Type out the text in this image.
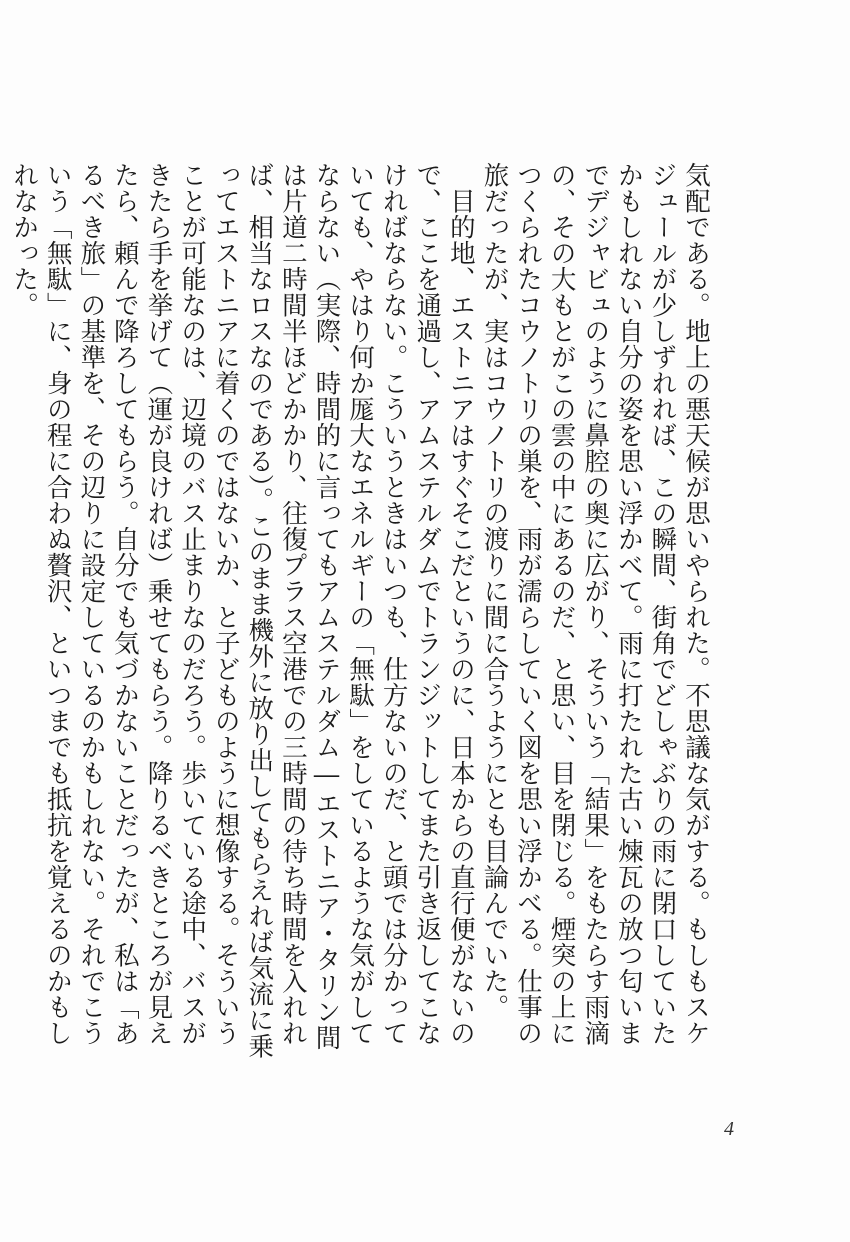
気配である。地上の悪天候が思いやられた。不思議な気がする。もしもスケジュールが少しずれれば、この瞬間、街角でどしゃぶりの雨に閉口していたかもしれない自分の姿を思い浮かべて。雨に打たれた古い煉瓦の放つ匂いまでデジャビュのように鼻腔の奥に広がり、そういう「結果」をもたらす雨滴の、その大もとがこの雲の中にあるのだ、と思い、目を閉じる。煙突の上につくられたコウノトリの巣を、雨が濡らしていく図を思い浮かべる。仕事の旅だったが、実はコウノトリの渡りに間に合うようにとも目論んでいた。

目的地、エストニアはすぐそこだというのに、日本からの直行便がないので、ここを通過し、アムステルダムでトランジットしてまた引き返してこなければならない。こういうときはいつも、仕方ないのだ、と頭では分かっていても、やはり何か厖大なエネルギーの「無駄」をしているような気がしてならない（実際、時間的に言ってもアムステルダム―エストニア・タリン間は片道二時間半ほどかかり、往復プラス空港での三時間の待ち時間を入れれば、相当なロスなのである）。このまま機外に放り出してもらえれば気流に乗ってエストニアに着くのではないか、と子どものように想像する。そういうことが可能なのは、辺境のバス止まりなのだろう。歩いている途中、バスがきたら手を挙げて（運が良ければ）乗せてもらう。降りるべきところが見えたら、頼んで降ろしてもらう。自分でも気づかないことだったが、私は「あるべき旅」の基準を、その辺りに設定しているのかもしれない。それでこういう「無駄」に、身の程に合わぬ贅沢、といつまでも抵抗を覚えるのかもしれなかった。

4
